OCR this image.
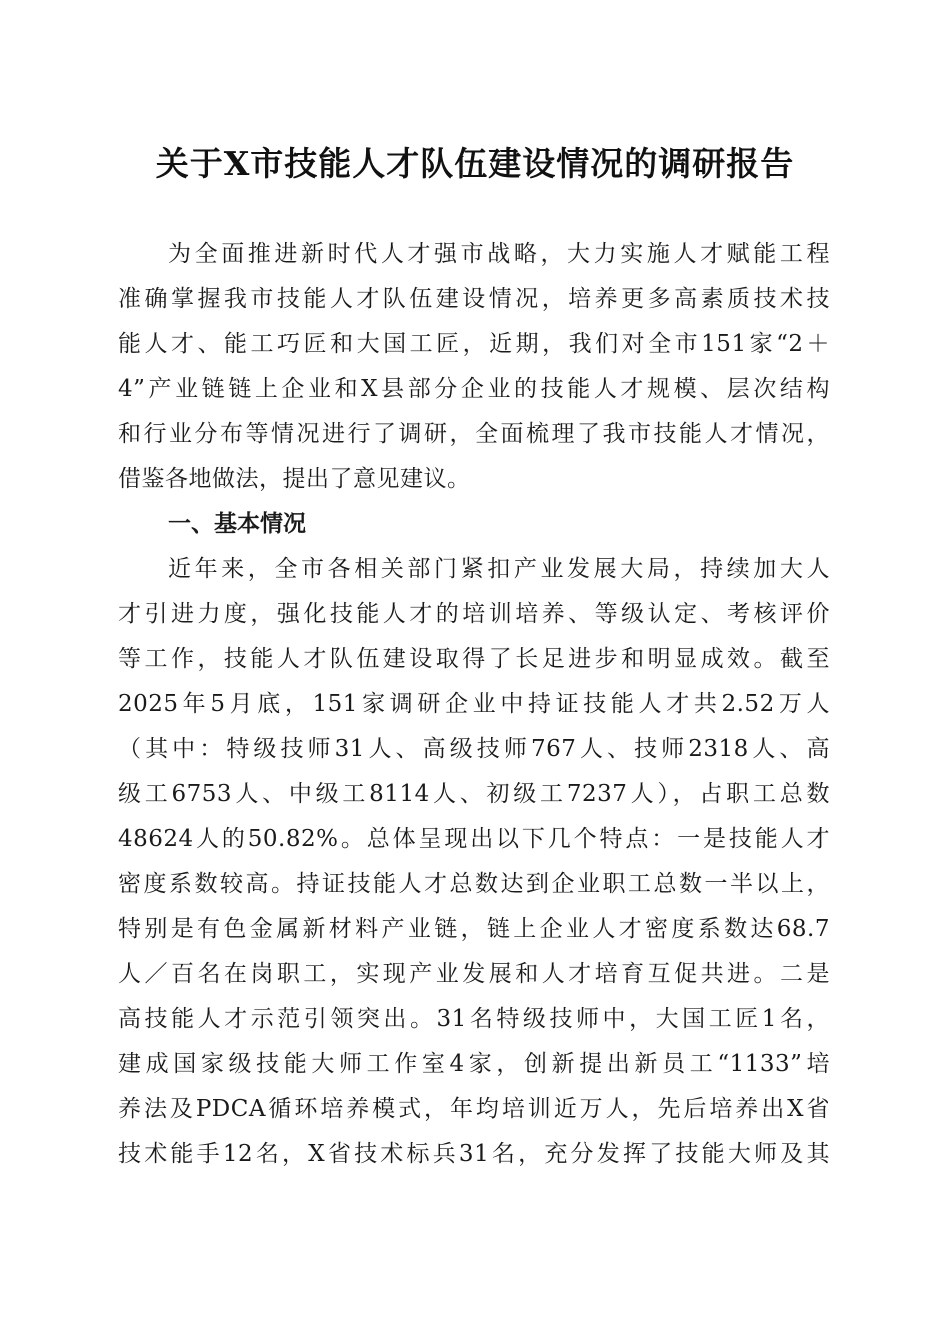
关于X市技能人才队伍建设情况的调研报告
为全面推进新时代人才强市战略，大力实施人才赋能工程
准确掌握我市技能人才队伍建设情况，培养更多高素质技术技
能人才、能工巧匠和大国工匠，近期，我们对全市151家“2＋
4”产业链链上企业和X县部分企业的技能人才规模、层次结构
和行业分布等情况进行了调研，全面梳理了我市技能人才情况，
借鉴各地做法，提出了意见建议。
一、基本情况
近年来，全市各相关部门紧扣产业发展大局，持续加大人
才引进力度，强化技能人才的培训培养、等级认定、考核评价
等工作，技能人才队伍建设取得了长足进步和明显成效。截至
2025年5月底，151家调研企业中持证技能人才共2.52万人
（其中：特级技师31人、高级技师767人、技师2318人、高
级工6753人、中级工8114人、初级工7237人），占职工总数
48624人的50.82%。总体呈现出以下几个特点：一是技能人才
密度系数较高。持证技能人才总数达到企业职工总数一半以上，
特别是有色金属新材料产业链，链上企业人才密度系数达68.7
人／百名在岗职工，实现产业发展和人才培育互促共进。二是
高技能人才示范引领突出。31名特级技师中，大国工匠1名，
建成国家级技能大师工作室4家，创新提出新员工“1133”培
养法及PDCA循环培养模式，年均培训近万人，先后培养出X省
技术能手12名，X省技术标兵31名，充分发挥了技能大师及其
